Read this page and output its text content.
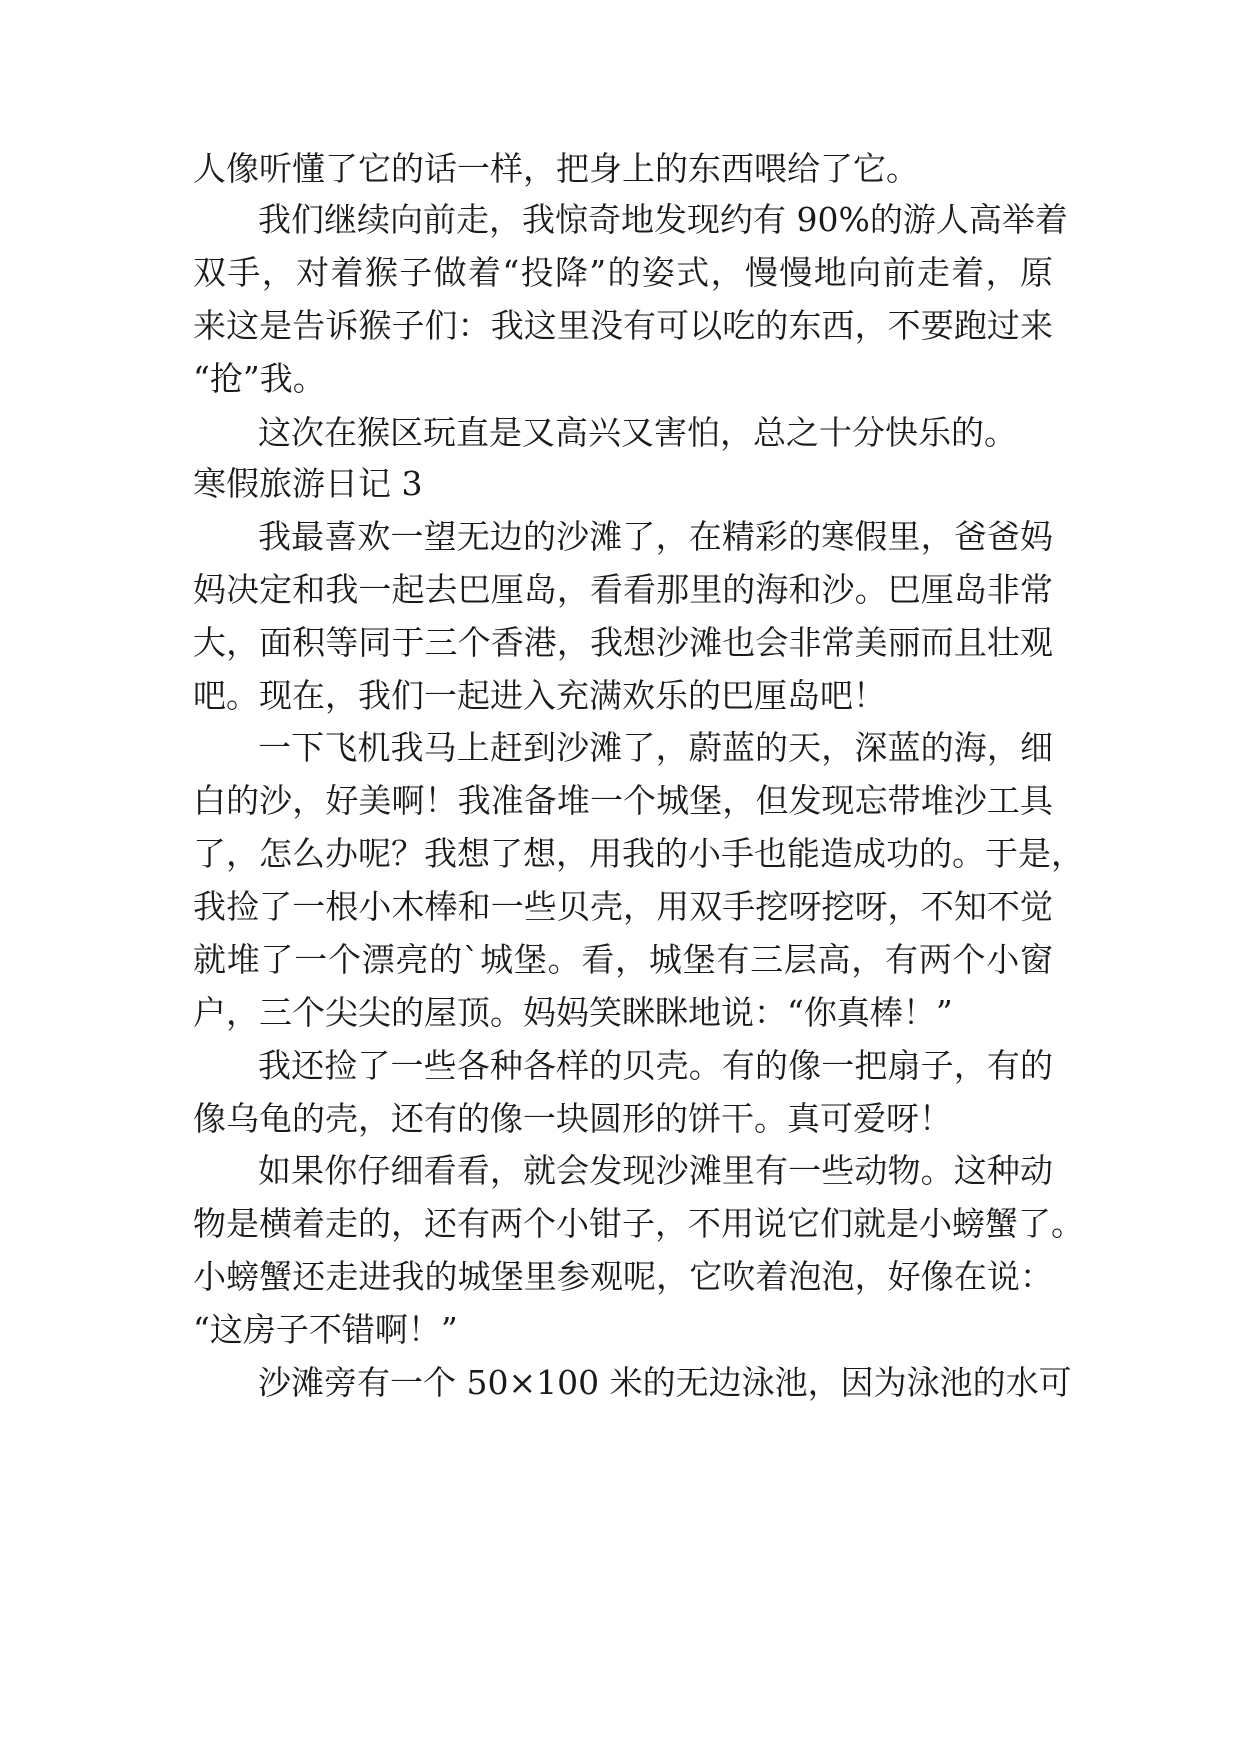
人像听懂了它的话一样，把身上的东西喂给了它。
我们继续向前走，我惊奇地发现约有 90%的游人高举着
双手，对着猴子做着“投降”的姿式，慢慢地向前走着，原
来这是告诉猴子们：我这里没有可以吃的东西，不要跑过来
“抢”我。
这次在猴区玩直是又高兴又害怕，总之十分快乐的。
寒假旅游日记 3
我最喜欢一望无边的沙滩了，在精彩的寒假里，爸爸妈
妈决定和我一起去巴厘岛，看看那里的海和沙。巴厘岛非常
大，面积等同于三个香港，我想沙滩也会非常美丽而且壮观
吧。现在，我们一起进入充满欢乐的巴厘岛吧！
一下飞机我马上赶到沙滩了，蔚蓝的天，深蓝的海，细
白的沙，好美啊！我准备堆一个城堡，但发现忘带堆沙工具
了，怎么办呢？我想了想，用我的小手也能造成功的。于是，
我捡了一根小木棒和一些贝壳，用双手挖呀挖呀，不知不觉
就堆了一个漂亮的`城堡。看，城堡有三层高，有两个小窗
户，三个尖尖的屋顶。妈妈笑眯眯地说：“你真棒！”
我还捡了一些各种各样的贝壳。有的像一把扇子，有的
像乌龟的壳，还有的像一块圆形的饼干。真可爱呀！
如果你仔细看看，就会发现沙滩里有一些动物。这种动
物是横着走的，还有两个小钳子，不用说它们就是小螃蟹了。
小螃蟹还走进我的城堡里参观呢，它吹着泡泡，好像在说：
“这房子不错啊！”
沙滩旁有一个 50×100 米的无边泳池，因为泳池的水可
